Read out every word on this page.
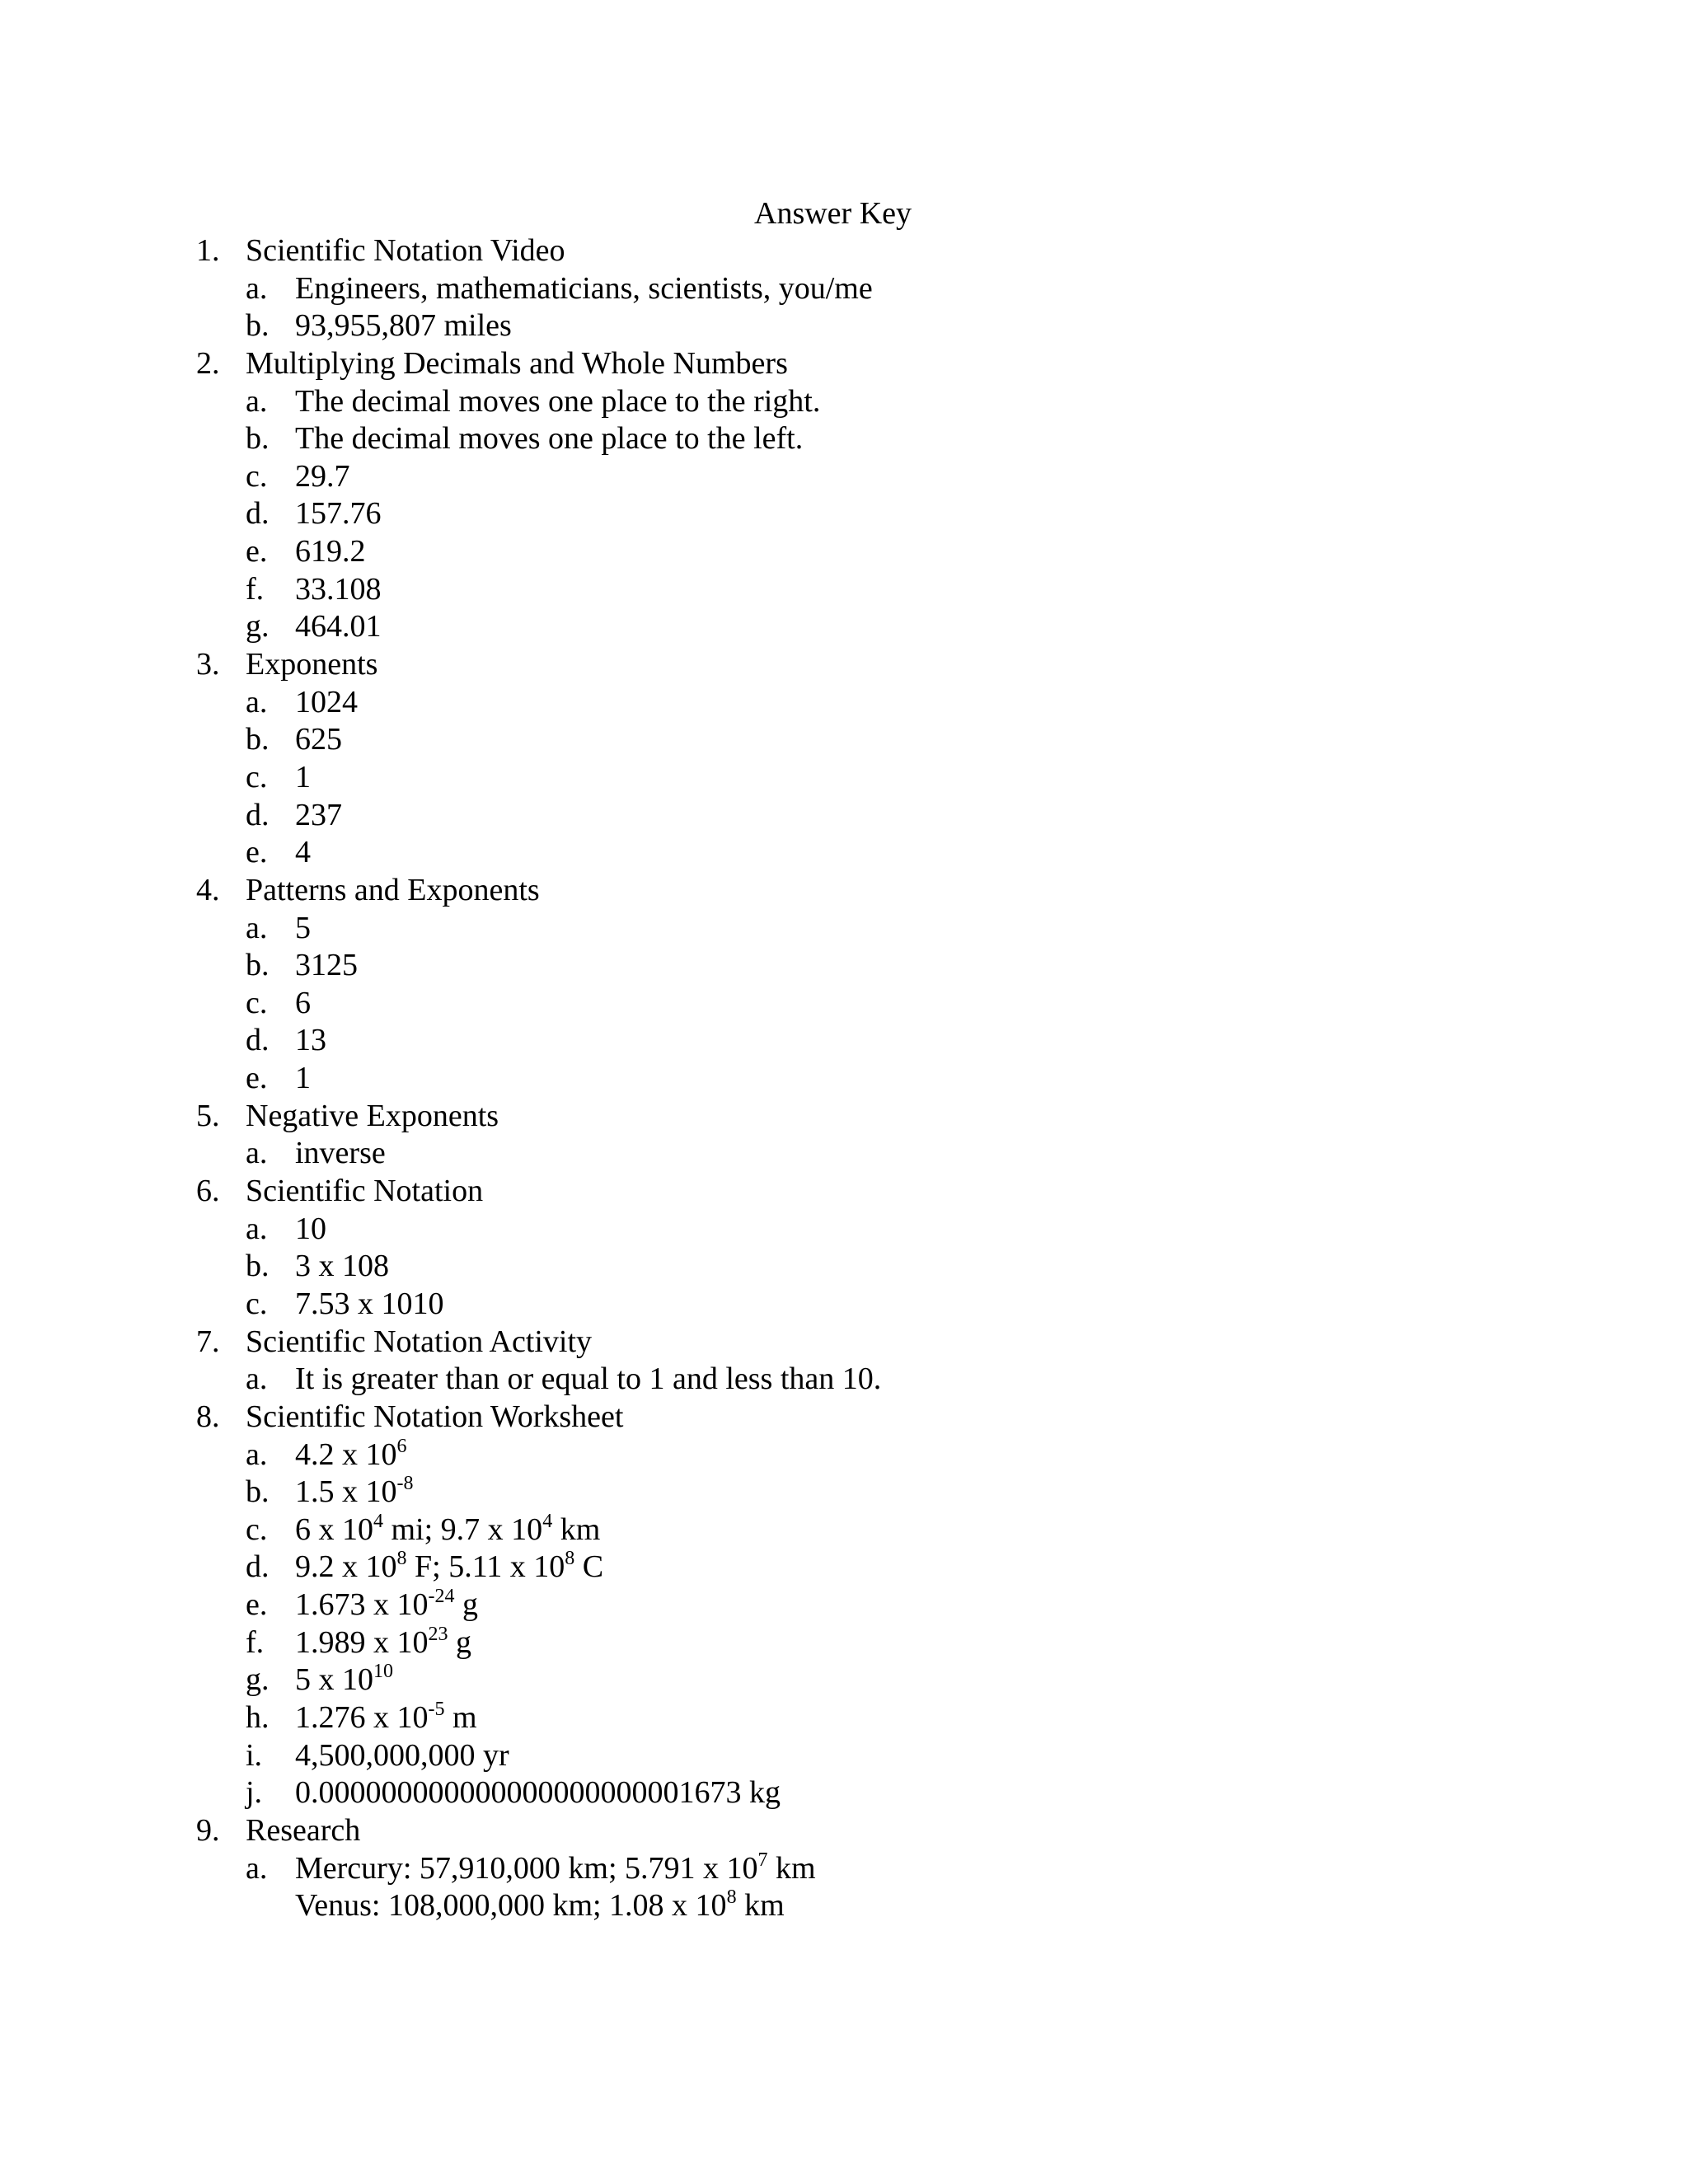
Answer Key
1. Scientific Notation Video
a. Engineers, mathematicians, scientists, you/me
b. 93,955,807 miles
2. Multiplying Decimals and Whole Numbers
a. The decimal moves one place to the right.
b. The decimal moves one place to the left.
c. 29.7
d. 157.76
e. 619.2
f. 33.108
g. 464.01
3. Exponents
a. 1024
b. 625
c. 1
d. 237
e. 4
4. Patterns and Exponents
a. 5
b. 3125
c. 6
d. 13
e. 1
5. Negative Exponents
a. inverse
6. Scientific Notation
a. 10
b. 3 x 108
c. 7.53 x 1010
7. Scientific Notation Activity
a. It is greater than or equal to 1 and less than 10.
8. Scientific Notation Worksheet
a. 4.2 x $10^6$
b. 1.5 x $10^{-8}$
c. 6 x $10^4$ mi; 9.7 x $10^4$ km
d. 9.2 x $10^8$ F; 5.11 x $10^8$ C
e. 1.673 x $10^{-24}$ g
f. 1.989 x $10^{23}$ g
g. 5 x $10^{10}$
h. 1.276 x $10^{-5}$ m
i.	4,500,000,000 yr
j.	0.000000000000000000000001673 kg
9. Research
a. Mercury: 57,910,000 km; 5.791 x $10^7$ km
Venus: 108,000,000 km; 1.08 x $10^8$ km
